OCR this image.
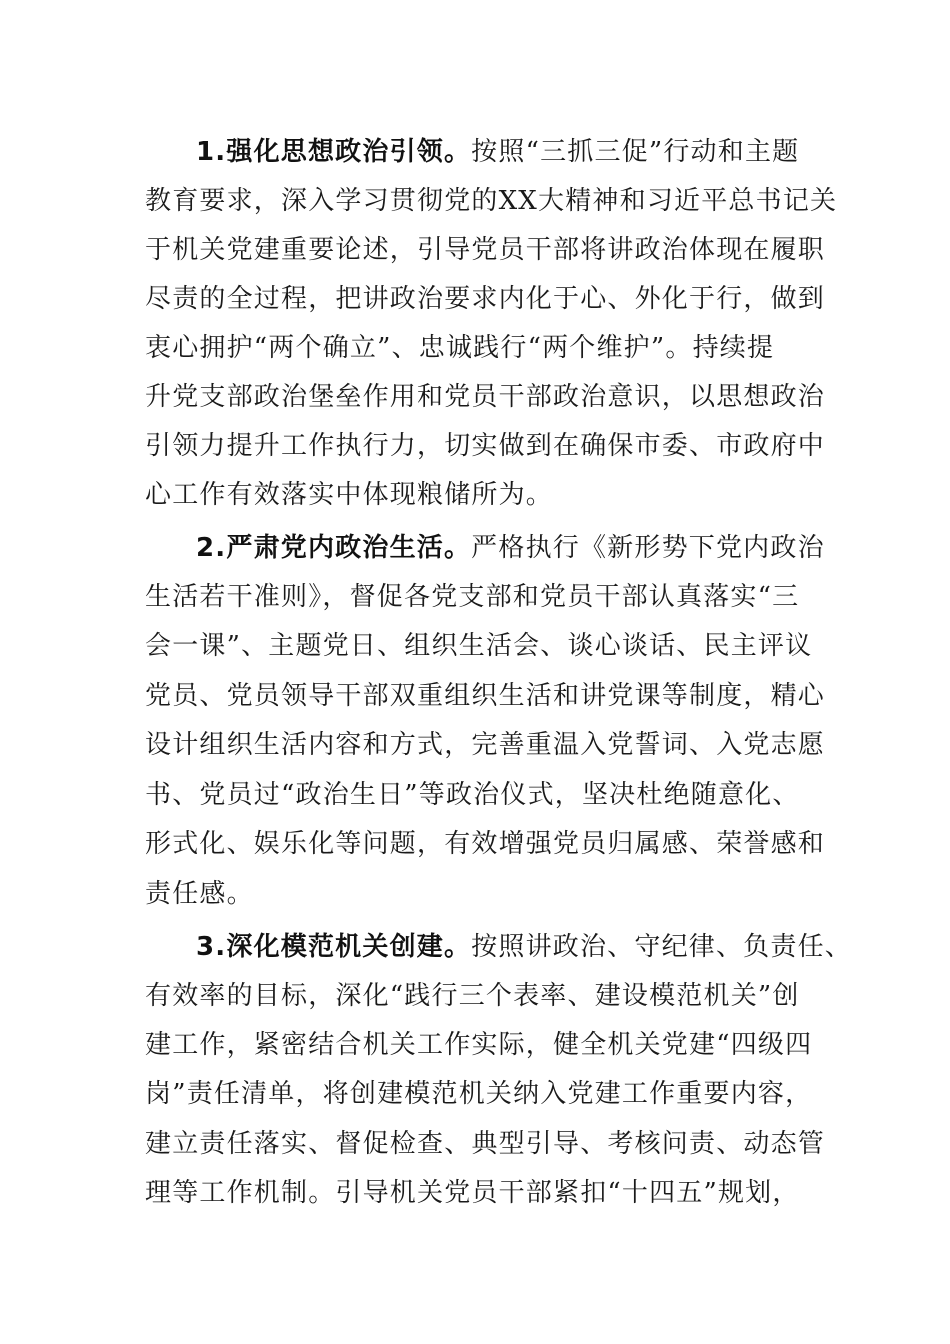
1.强化思想政治引领。按照“三抓三促”行动和主题
教育要求，深入学习贯彻党的XX大精神和习近平总书记关
于机关党建重要论述，引导党员干部将讲政治体现在履职
尽责的全过程，把讲政治要求内化于心、外化于行，做到
衷心拥护“两个确立”、忠诚践行“两个维护”。持续提
升党支部政治堡垒作用和党员干部政治意识，以思想政治
引领力提升工作执行力，切实做到在确保市委、市政府中
心工作有效落实中体现粮储所为。
2.严肃党内政治生活。严格执行《新形势下党内政治
生活若干准则》，督促各党支部和党员干部认真落实“三
会一课”、主题党日、组织生活会、谈心谈话、民主评议
党员、党员领导干部双重组织生活和讲党课等制度，精心
设计组织生活内容和方式，完善重温入党誓词、入党志愿
书、党员过“政治生日”等政治仪式，坚决杜绝随意化、
形式化、娱乐化等问题，有效增强党员归属感、荣誉感和
责任感。
3.深化模范机关创建。按照讲政治、守纪律、负责任、
有效率的目标，深化“践行三个表率、建设模范机关”创
建工作，紧密结合机关工作实际，健全机关党建“四级四
岗”责任清单，将创建模范机关纳入党建工作重要内容，
建立责任落实、督促检查、典型引导、考核问责、动态管
理等工作机制。引导机关党员干部紧扣“十四五”规划，
